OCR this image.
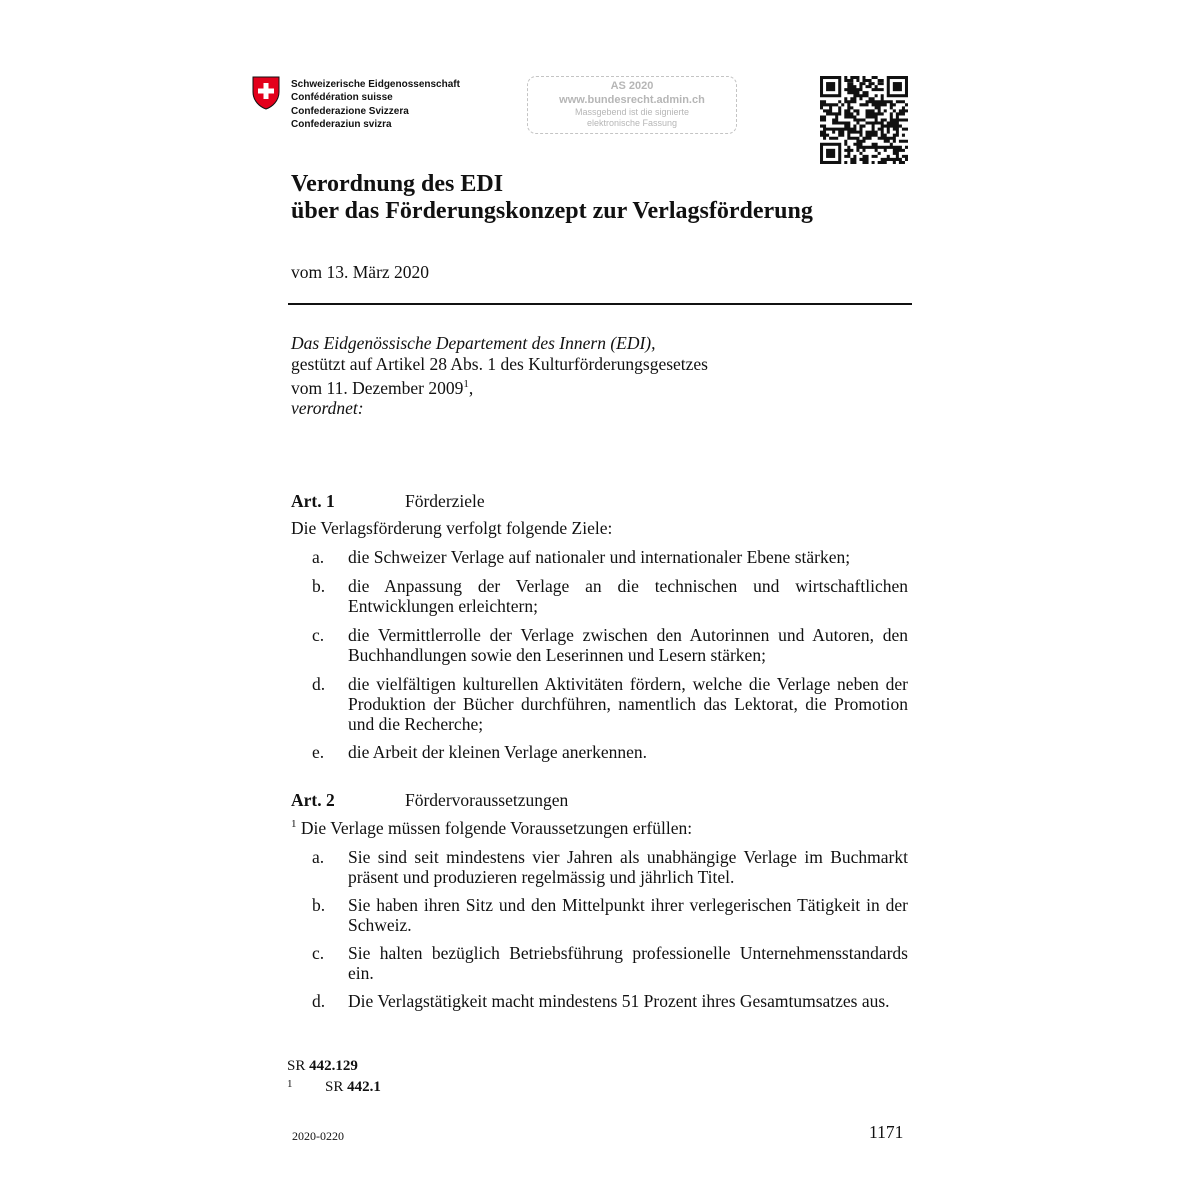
Schweizerische Eidgenossenschaft
Confédération suisse
Confederazione Svizzera
Confederaziun svizra
AS 2020
www.bundesrecht.admin.ch
Massgebend ist die signierte
elektronische Fassung
Verordnung des EDI
über das Förderungskonzept zur Verlagsförderung
vom 13. März 2020
Das Eidgenössische Departement des Innern (EDI),
gestützt auf Artikel 28 Abs. 1 des Kulturförderungsgesetzes
vom 11. Dezember 2009$^1$,
verordnet:
Art. 1	Förderziele
Die Verlagsförderung verfolgt folgende Ziele:
a. die Schweizer Verlage auf nationaler und internationaler Ebene stärken;
b. die Anpassung der Verlage an die technischen und wirtschaftlichen Entwicklungen erleichtern;
c. die Vermittlerrolle der Verlage zwischen den Autorinnen und Autoren, den Buchhandlungen sowie den Leserinnen und Lesern stärken;
d. die vielfältigen kulturellen Aktivitäten fördern, welche die Verlage neben der Produktion der Bücher durchführen, namentlich das Lektorat, die Promotion und die Recherche;
e. die Arbeit der kleinen Verlage anerkennen.
Art. 2	Fördervoraussetzungen
$^1$ Die Verlage müssen folgende Voraussetzungen erfüllen:
a. Sie sind seit mindestens vier Jahren als unabhängige Verlage im Buchmarkt präsent und produzieren regelmässig und jährlich Titel.
b. Sie haben ihren Sitz und den Mittelpunkt ihrer verlegerischen Tätigkeit in der Schweiz.
c. Sie halten bezüglich Betriebsführung professionelle Unternehmensstandards ein.
d. Die Verlagstätigkeit macht mindestens 51 Prozent ihres Gesamtumsatzes aus.
SR 442.129
$^1$ SR 442.1
2020-0220	1171
